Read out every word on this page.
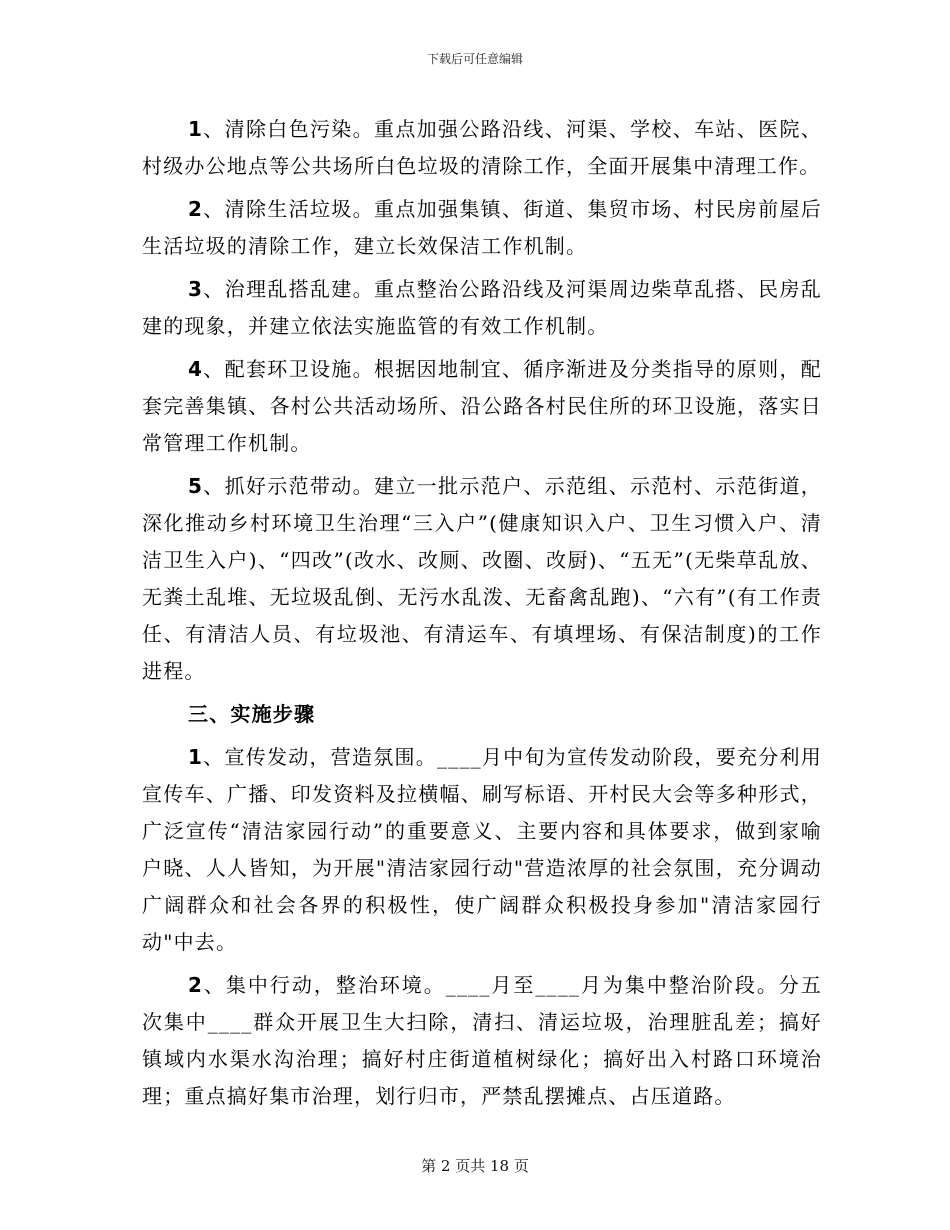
下载后可任意编辑

1、清除白色污染。重点加强公路沿线、河渠、学校、车站、医院、村级办公地点等公共场所白色垃圾的清除工作，全面开展集中清理工作。

2、清除生活垃圾。重点加强集镇、街道、集贸市场、村民房前屋后生活垃圾的清除工作，建立长效保洁工作机制。

3、治理乱搭乱建。重点整治公路沿线及河渠周边柴草乱搭、民房乱建的现象，并建立依法实施监管的有效工作机制。

4、配套环卫设施。根据因地制宜、循序渐进及分类指导的原则，配套完善集镇、各村公共活动场所、沿公路各村民住所的环卫设施，落实日常管理工作机制。

5、抓好示范带动。建立一批示范户、示范组、示范村、示范街道，深化推动乡村环境卫生治理“三入户”(健康知识入户、卫生习惯入户、清洁卫生入户)、“四改”(改水、改厕、改圈、改厨)、“五无”(无柴草乱放、无粪土乱堆、无垃圾乱倒、无污水乱泼、无畜禽乱跑)、“六有”(有工作责任、有清洁人员、有垃圾池、有清运车、有填埋场、有保洁制度)的工作进程。

三、实施步骤

1、宣传发动，营造氛围。____月中旬为宣传发动阶段，要充分利用宣传车、广播、印发资料及拉横幅、刷写标语、开村民大会等多种形式，广泛宣传“清洁家园行动”的重要意义、主要内容和具体要求，做到家喻户晓、人人皆知，为开展"清洁家园行动"营造浓厚的社会氛围，充分调动广阔群众和社会各界的积极性，使广阔群众积极投身参加"清洁家园行动"中去。

2、集中行动，整治环境。____月至____月为集中整治阶段。分五次集中____群众开展卫生大扫除，清扫、清运垃圾，治理脏乱差；搞好镇域内水渠水沟治理；搞好村庄街道植树绿化；搞好出入村路口环境治理；重点搞好集市治理，划行归市，严禁乱摆摊点、占压道路。

第 2 页共 18 页
